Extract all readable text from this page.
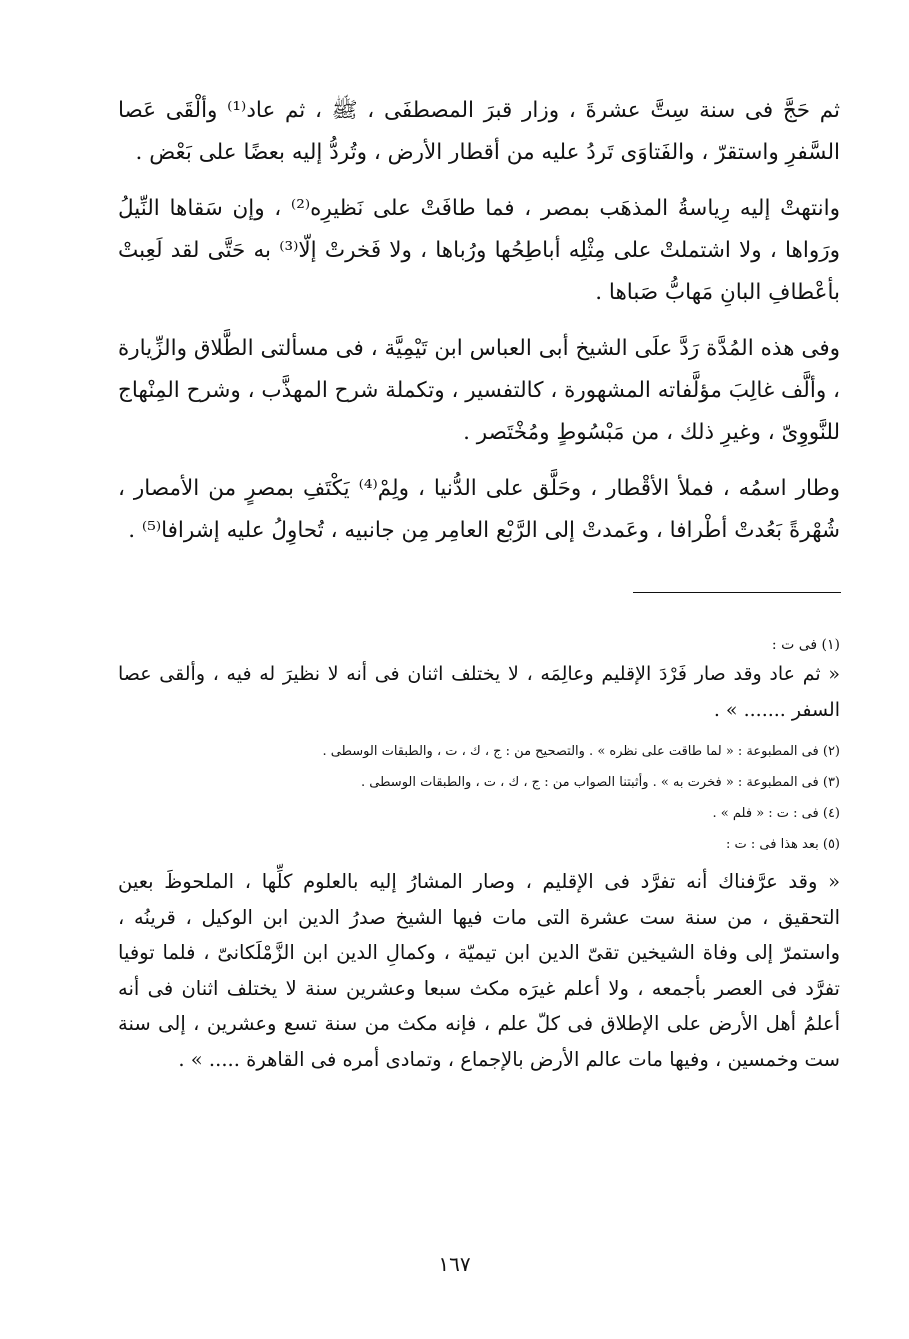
ثم حَجَّ فى سنة سِتَّ عشرةَ ، وزار قبرَ المصطفَى ، ﷺ ، ثم عاد⁽¹⁾ وألْقَى عَصا السَّفرِ واستقرّ ، والفَتاوَى تَردُ عليه من أقطار الأرض ، وتُردُّ إليه بعضًا على بَعْض .

وانتهتْ إليه رِياسةُ المذهَب بمصر ، فما طافَتْ على نَظيرِه⁽²⁾ ، وإن سَقاها النِّيلُ ورَواها ، ولا اشتملتْ على مِثْلِه أباطِحُها ورُباها ، ولا فَخرتْ إلّا⁽³⁾ به حَتَّى لقد لَعِبتْ بأعْطافِ البانِ مَهابُّ صَباها .

وفى هذه المُدَّة رَدَّ علَى الشيخ أبى العباس ابن تَيْمِيَّة ، فى مسألتى الطَّلاق والزِّيارة ، وألَّف غالِبَ مؤلَّفاته المشهورة ، كالتفسير ، وتكملة شرح المهذَّب ، وشرح المِنْهاج للنَّووِىّ ، وغيرِ ذلك ، من مَبْسُوطٍ ومُخْتَصر .

وطار اسمُه ، فملأ الأقْطار ، وحَلَّق على الدُّنيا ، ولِمْ⁽⁴⁾ يَكْتَفِ بمصرٍ من الأمصار ، شُهْرةً بَعُدتْ أطْرافا ، وعَمدتْ إلى الرَّبْع العامِر مِن جانبيه ، تُحاوِلُ عليه إشرافا⁽⁵⁾ .

(١) فى ت :

« ثم عاد وقد صار فَرْدَ الإقليم وعالِمَه ، لا يختلف اثنان فى أنه لا نظيرَ له فيه ، وألقى عصا السفر ....... » .

(٢) فى المطبوعة : « لما طاقت على نظره » . والتصحيح من : ج ، ك ، ت ، والطبقات الوسطى .

(٣) فى المطبوعة : « فخرت به » . وأثبتنا الصواب من : ج ، ك ، ت ، والطبقات الوسطى .

(٤) فى : ت : « فلم » .

(٥) بعد هذا فى : ت :

« وقد عرَّفناك أنه تفرَّد فى الإقليم ، وصار المشارُ إليه بالعلوم كلِّها ، الملحوظَ بعين التحقيق ، من سنة ست عشرة التى مات فيها الشيخ صدرُ الدين ابن الوكيل ، قرينُه ، واستمرّ إلى وفاة الشيخين تقىّ الدين ابن تيميّة ، وكمالِ الدين ابن الزَّمْلَكانىّ ، فلما توفيا تفرَّد فى العصر بأجمعه ، ولا أعلم غيرَه مكث سبعا وعشرين سنة لا يختلف اثنان فى أنه أعلمُ أهل الأرض على الإطلاق فى كلّ علم ، فإنه مكث من سنة تسع وعشرين ، إلى سنة ست وخمسين ، وفيها مات عالم الأرض بالإجماع ، وتمادى أمره فى القاهرة ..... » .

١٦٧
